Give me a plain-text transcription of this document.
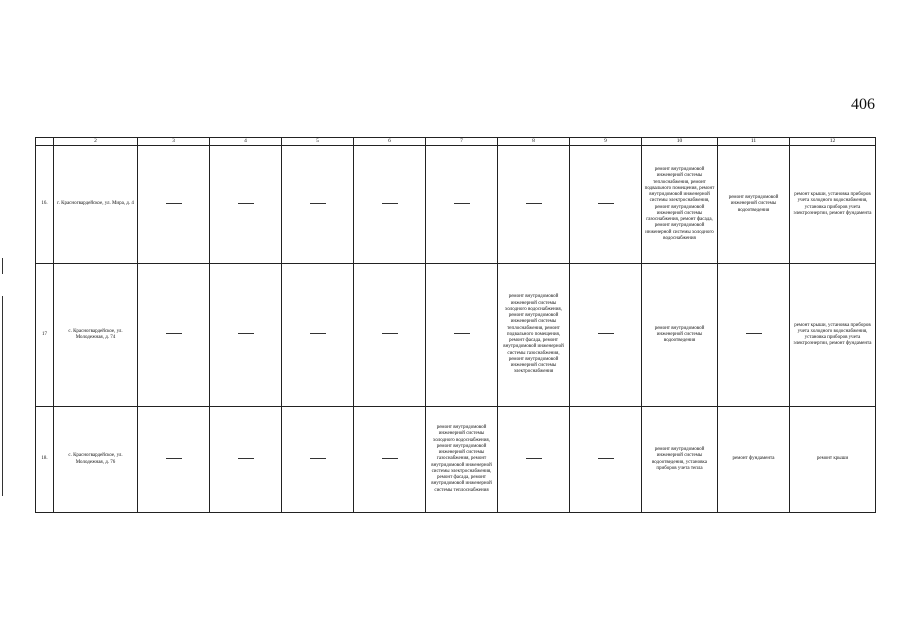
406
	2	3	4	5	6	7	8	9	10	11	12
16.	г. Красногвардейское, ул. Мира, д. 4								ремонт внутридомовой инженерной системы теплоснабжения, ремонт подвального помещения, ремонт внутридомовой инженерной системы электроснабжения, ремонт внутридомовой инженерной системы газоснабжения, ремонт фасада, ремонт внутридомовой инженерной системы холодного водоснабжения	ремонт внутридомовой инженерной системы водоотведения	ремонт крыши, установка приборов учета холодного водоснабжения, установка приборов учета электроэнергии, ремонт фундамента
17	с. Красногвардейское, ул. Молодежная, д. 74						ремонт внутридомовой инженерной системы холодного водоснабжения, ремонт внутридомовой инженерной системы теплоснабжения, ремонт подвального помещения, ремонт фасада, ремонт внутридомовой инженерной системы газоснабжения, ремонт внутридомовой инженерной системы электроснабжения		ремонт внутридомовой инженерной системы водоотведения		ремонт крыши, установка приборов учета холодного водоснабжения, установка приборов учета электроэнергии, ремонт фундамента
18.	с. Красногвардейское, ул. Молодежная, д. 76					ремонт внутридомовой инженерной системы холодного водоснабжения, ремонт внутридомовой инженерной системы газоснабжения, ремонт внутридомовой инженерной системы электроснабжения, ремонт фасада, ремонт внутридомовой инженерной системы теплоснабжения			ремонт внутридомовой инженерной системы водоотведения, установка приборов учета тепла	ремонт фундамента	ремонт крыши
